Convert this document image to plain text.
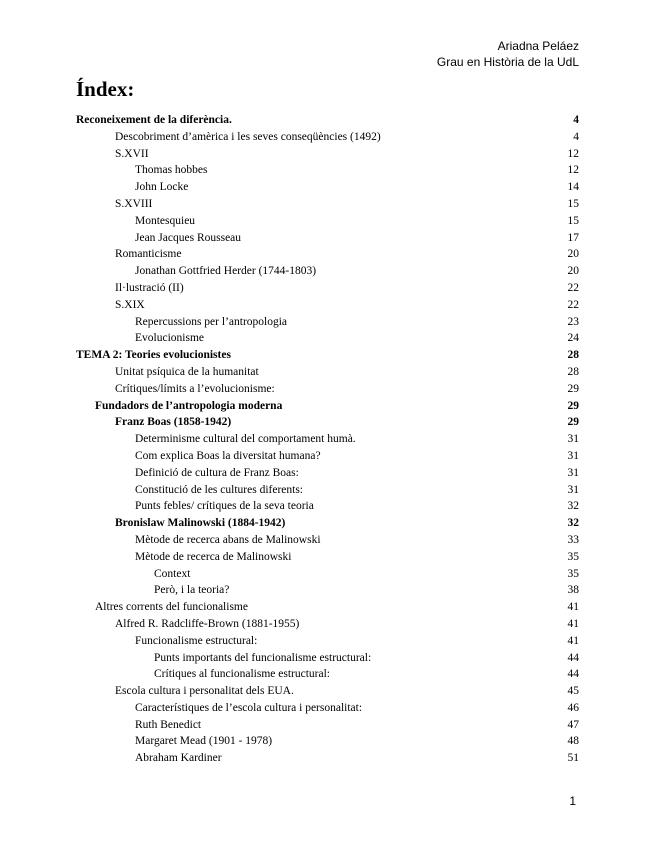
Ariadna Peláez
Grau en Història de la UdL
Índex:
Reconeixement de la diferència.	4
Descobriment d’amèrica i les seves conseqüències (1492)	4
S.XVII	12
Thomas hobbes	12
John Locke	14
S.XVIII	15
Montesquieu	15
Jean Jacques Rousseau	17
Romanticisme	20
Jonathan Gottfried Herder (1744-1803)	20
Il·lustració (II)	22
S.XIX	22
Repercussions per l’antropologia	23
Evolucionisme	24
TEMA 2: Teories evolucionistes	28
Unitat psíquica de la humanitat	28
Crítiques/límits a l’evolucionisme:	29
Fundadors de l’antropologia moderna	29
Franz Boas (1858-1942)	29
Determinisme cultural del comportament humà.	31
Com explica Boas la diversitat humana?	31
Definició de cultura de Franz Boas:	31
Constitució de les cultures diferents:	31
Punts febles/ crítiques de la seva teoria	32
Bronislaw Malinowski (1884-1942)	32
Mètode de recerca abans de Malinowski	33
Mètode de recerca de Malinowski	35
Context	35
Però, i la teoria?	38
Altres corrents del funcionalisme	41
Alfred R. Radcliffe-Brown (1881-1955)	41
Funcionalisme estructural:	41
Punts importants del funcionalisme estructural:	44
Crítiques al funcionalisme estructural:	44
Escola cultura i personalitat dels EUA.	45
Característiques de l’escola cultura i personalitat:	46
Ruth Benedict	47
Margaret Mead (1901 - 1978)	48
Abraham Kardiner	51
1
